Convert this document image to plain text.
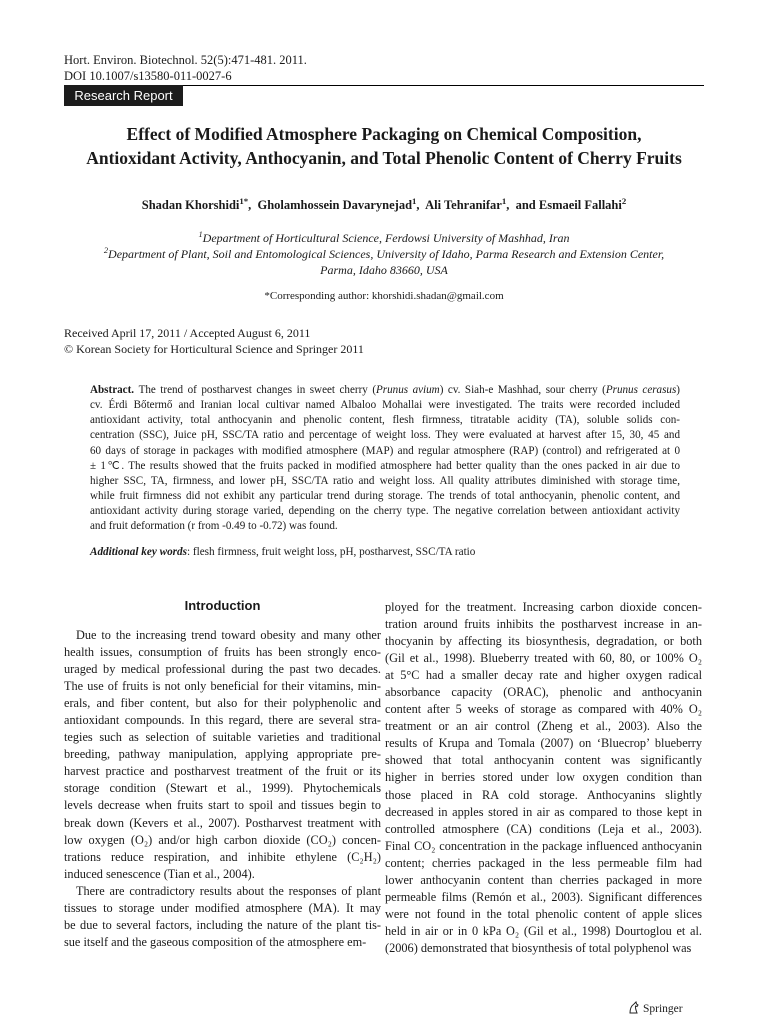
Hort. Environ. Biotechnol. 52(5):471-481. 2011.
DOI 10.1007/s13580-011-0027-6
Research Report
Effect of Modified Atmosphere Packaging on Chemical Composition,
Antioxidant Activity, Anthocyanin, and Total Phenolic Content of Cherry Fruits
Shadan Khorshidi$^{1*}$,  Gholamhossein Davarynejad$^1$,  Ali Tehranifar$^1$,  and Esmaeil Fallahi$^2$
$^1$Department of Horticultural Science, Ferdowsi University of Mashhad, Iran
$^2$Department of Plant, Soil and Entomological Sciences, University of Idaho, Parma Research and Extension Center,
Parma, Idaho 83660, USA
*Corresponding author: khorshidi.shadan@gmail.com
Received April 17, 2011 / Accepted August 6, 2011
© Korean Society for Horticultural Science and Springer 2011
Abstract. The trend of postharvest changes in sweet cherry (Prunus avium) cv. Siah-e Mashhad, sour cherry (Prunus cerasus)
cv. Érdi Bőtermő and Iranian local cultivar named Albaloo Mohallai were investigated. The traits were recorded included
antioxidant activity, total anthocyanin and phenolic content, flesh firmness, titratable acidity (TA), soluble solids con-
centration (SSC), Juice pH, SSC/TA ratio and percentage of weight loss. They were evaluated at harvest after 15, 30, 45 and
60 days of storage in packages with modified atmosphere (MAP) and regular atmosphere (RAP) (control) and refrigerated at 0
± 1℃. The results showed that the fruits packed in modified atmosphere had better quality than the ones packed in air due to
higher SSC, TA, firmness, and lower pH, SSC/TA ratio and weight loss. All quality attributes diminished with storage time,
while fruit firmness did not exhibit any particular trend during storage. The trends of total anthocyanin, phenolic content, and
antioxidant activity during storage varied, depending on the cherry type. The negative correlation between antioxidant activity
and fruit deformation (r from -0.49 to -0.72) was found.
Additional key words: flesh firmness, fruit weight loss, pH, postharvest, SSC/TA ratio
Introduction
Due to the increasing trend toward obesity and many other
health issues, consumption of fruits has been strongly enco-
uraged by medical professional during the past two decades.
The use of fruits is not only beneficial for their vitamins, min-
erals, and fiber content, but also for their polyphenolic and
antioxidant compounds. In this regard, there are several stra-
tegies such as selection of suitable varieties and traditional
breeding, pathway manipulation, applying appropriate pre-
harvest practice and postharvest treatment of the fruit or its
storage condition (Stewart et al., 1999). Phytochemicals
levels decrease when fruits start to spoil and tissues begin to
break down (Kevers et al., 2007). Postharvest treatment with
low oxygen (O₂) and/or high carbon dioxide (CO₂) concen-
trations reduce respiration, and inhibite ethylene (C₂H₂)
induced senescence (Tian et al., 2004).
There are contradictory results about the responses of plant
tissues to storage under modified atmosphere (MA). It may
be due to several factors, including the nature of the plant tis-
sue itself and the gaseous composition of the atmosphere em-
ployed for the treatment. Increasing carbon dioxide concen-
tration around fruits inhibits the postharvest increase in an-
thocyanin by affecting its biosynthesis, degradation, or both
(Gil et al., 1998). Blueberry treated with 60, 80, or 100% O₂
at 5°C had a smaller decay rate and higher oxygen radical
absorbance capacity (ORAC), phenolic and anthocyanin
content after 5 weeks of storage as compared with 40% O₂
treatment or an air control (Zheng et al., 2003). Also the
results of Krupa and Tomala (2007) on ‘Bluecrop’ blueberry
showed that total anthocyanin content was significantly
higher in berries stored under low oxygen condition than
those placed in RA cold storage. Anthocyanins slightly
decreased in apples stored in air as compared to those kept in
controlled atmosphere (CA) conditions (Leja et al., 2003).
Final CO₂ concentration in the package influenced anthocyanin
content; cherries packaged in the less permeable film had
lower anthocyanin content than cherries packaged in more
permeable films (Remón et al., 2003). Significant differences
were not found in the total phenolic content of apple slices
held in air or in 0 kPa O₂ (Gil et al., 1998) Dourtoglou et al.
(2006) demonstrated that biosynthesis of total polyphenol was
Springer
